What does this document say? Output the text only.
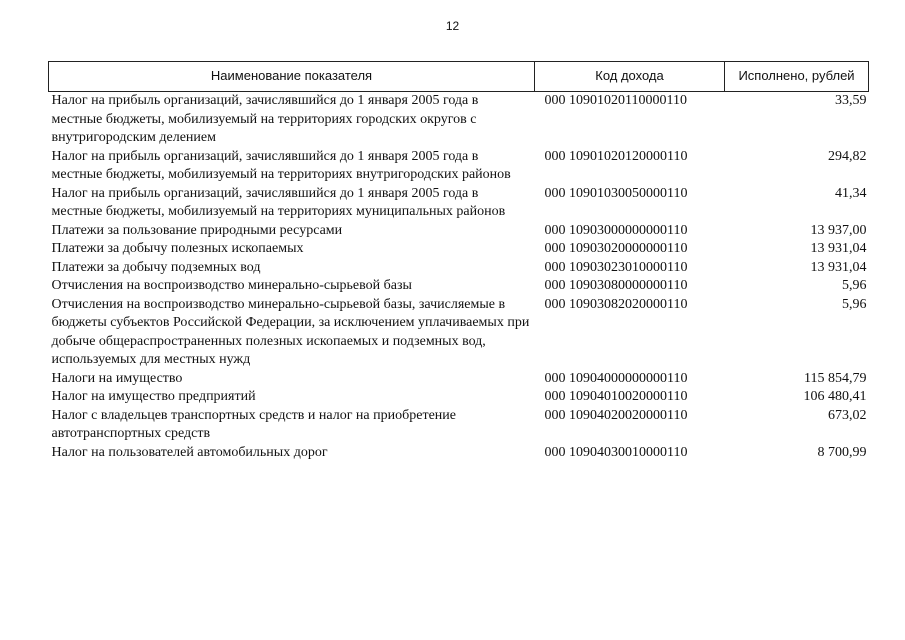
12
Наименование показателя	Код дохода	Исполнено, рублей
Налог на прибыль организаций, зачислявшийся до 1 января 2005 года в местные бюджеты, мобилизуемый на территориях городских округов с внутригородским делением	000 10901020110000110	33,59
Налог на прибыль организаций, зачислявшийся до 1 января 2005 года в местные бюджеты, мобилизуемый на территориях внутригородских районов	000 10901020120000110	294,82
Налог на прибыль организаций, зачислявшийся до 1 января 2005 года в местные бюджеты, мобилизуемый на территориях муниципальных районов	000 10901030050000110	41,34
Платежи за пользование природными ресурсами	000 10903000000000110	13 937,00
Платежи за добычу полезных ископаемых	000 10903020000000110	13 931,04
Платежи за добычу подземных вод	000 10903023010000110	13 931,04
Отчисления на воспроизводство минерально-сырьевой базы	000 10903080000000110	5,96
Отчисления на воспроизводство минерально-сырьевой базы, зачисляемые в бюджеты субъектов Российской Федерации, за исключением уплачиваемых при добыче общераспространенных полезных ископаемых и подземных вод, используемых для местных нужд	000 10903082020000110	5,96
Налоги на имущество	000 10904000000000110	115 854,79
Налог на имущество предприятий	000 10904010020000110	106 480,41
Налог с владельцев транспортных средств и налог на приобретение автотранспортных средств	000 10904020020000110	673,02
Налог на пользователей автомобильных дорог	000 10904030010000110	8 700,99
